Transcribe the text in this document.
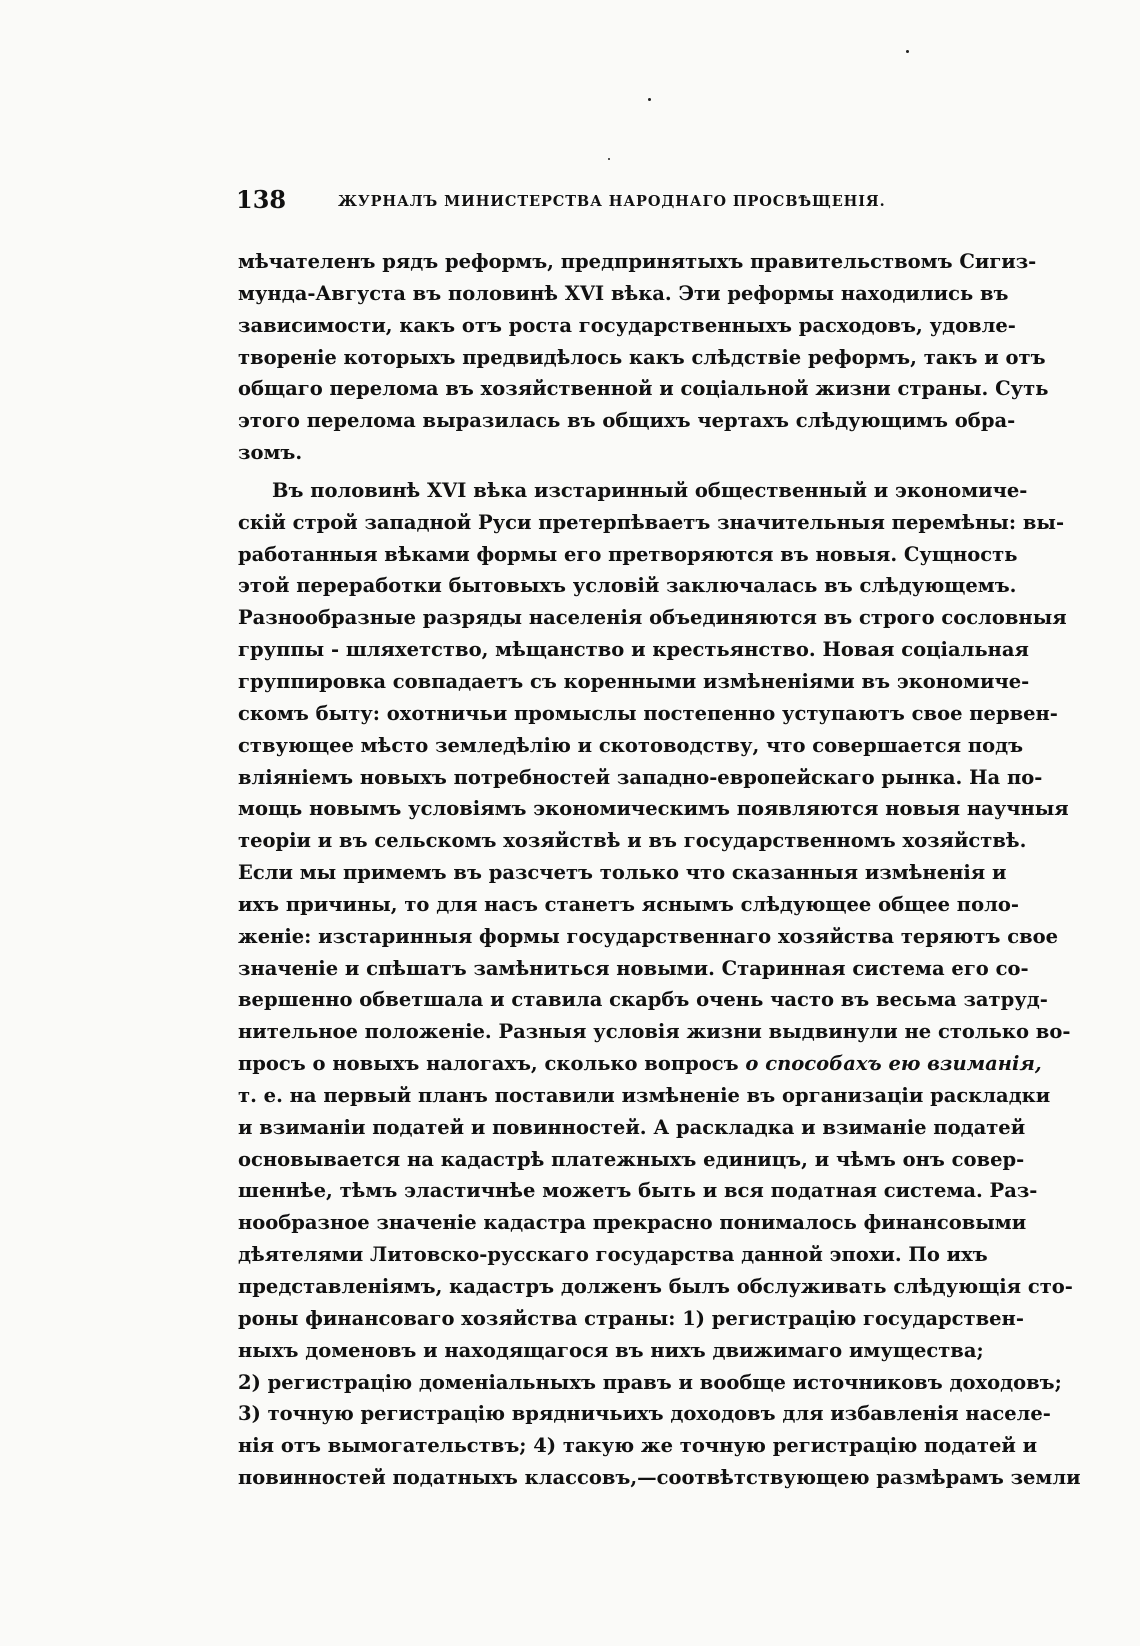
138	ЖУРНАЛЪ МИНИСТЕРСТВА НАРОДНАГО ПРОСВѢЩЕНІЯ.
мѣчателенъ рядъ реформъ, предпринятыхъ правительствомъ Сигиз-
мунда-Августа въ половинѣ XVI вѣка. Эти реформы находились въ
зависимости, какъ отъ роста государственныхъ расходовъ, удовле-
твореніе которыхъ предвидѣлось какъ слѣдствіе реформъ, такъ и отъ
общаго перелома въ хозяйственной и соціальной жизни страны. Суть
этого перелома выразилась въ общихъ чертахъ слѣдующимъ обра-
зомъ.
Въ половинѣ XVI вѣка изстаринный общественный и экономиче-
скій строй западной Руси претерпѣваетъ значительныя перемѣны: вы-
работанныя вѣками формы его претворяются въ новыя. Сущность
этой переработки бытовыхъ условій заключалась въ слѣдующемъ.
Разнообразные разряды населенія объединяются въ строго сословныя
группы - шляхетство, мѣщанство и крестьянство. Новая соціальная
группировка совпадаетъ съ коренными измѣненіями въ экономиче-
скомъ быту: охотничьи промыслы постепенно уступаютъ свое первен-
ствующее мѣсто земледѣлію и скотоводству, что совершается подъ
вліяніемъ новыхъ потребностей западно-европейскаго рынка. На по-
мощь новымъ условіямъ экономическимъ появляются новыя научныя
теоріи и въ сельскомъ хозяйствѣ и въ государственномъ хозяйствѣ.
Если мы примемъ въ разсчетъ только что сказанныя измѣненія и
ихъ причины, то для насъ станетъ яснымъ слѣдующее общее поло-
женіе: изстаринныя формы государственнаго хозяйства теряютъ свое
значеніе и спѣшатъ замѣниться новыми. Старинная система его со-
вершенно обветшала и ставила скарбъ очень часто въ весьма затруд-
нительное положеніе. Разныя условія жизни выдвинули не столько во-
просъ о новыхъ налогахъ, сколько вопросъ о способахъ ею взиманія,
т. е. на первый планъ поставили измѣненіе въ организаціи раскладки
и взиманіи податей и повинностей. А раскладка и взиманіе податей
основывается на кадастрѣ платежныхъ единицъ, и чѣмъ онъ совер-
шеннѣе, тѣмъ эластичнѣе можетъ быть и вся податная система. Раз-
нообразное значеніе кадастра прекрасно понималось финансовыми
дѣятелями Литовско-русскаго государства данной эпохи. По ихъ
представленіямъ, кадастръ долженъ былъ обслуживать слѣдующія сто-
роны финансоваго хозяйства страны: 1) регистрацію государствен-
ныхъ доменовъ и находящагося въ нихъ движимаго имущества;
2) регистрацію доменіальныхъ правъ и вообще источниковъ доходовъ;
3) точную регистрацію врядничьихъ доходовъ для избавленія населе-
нія отъ вымогательствъ; 4) такую же точную регистрацію податей и
повинностей податныхъ классовъ,—соотвѣтствующею размѣрамъ земли
